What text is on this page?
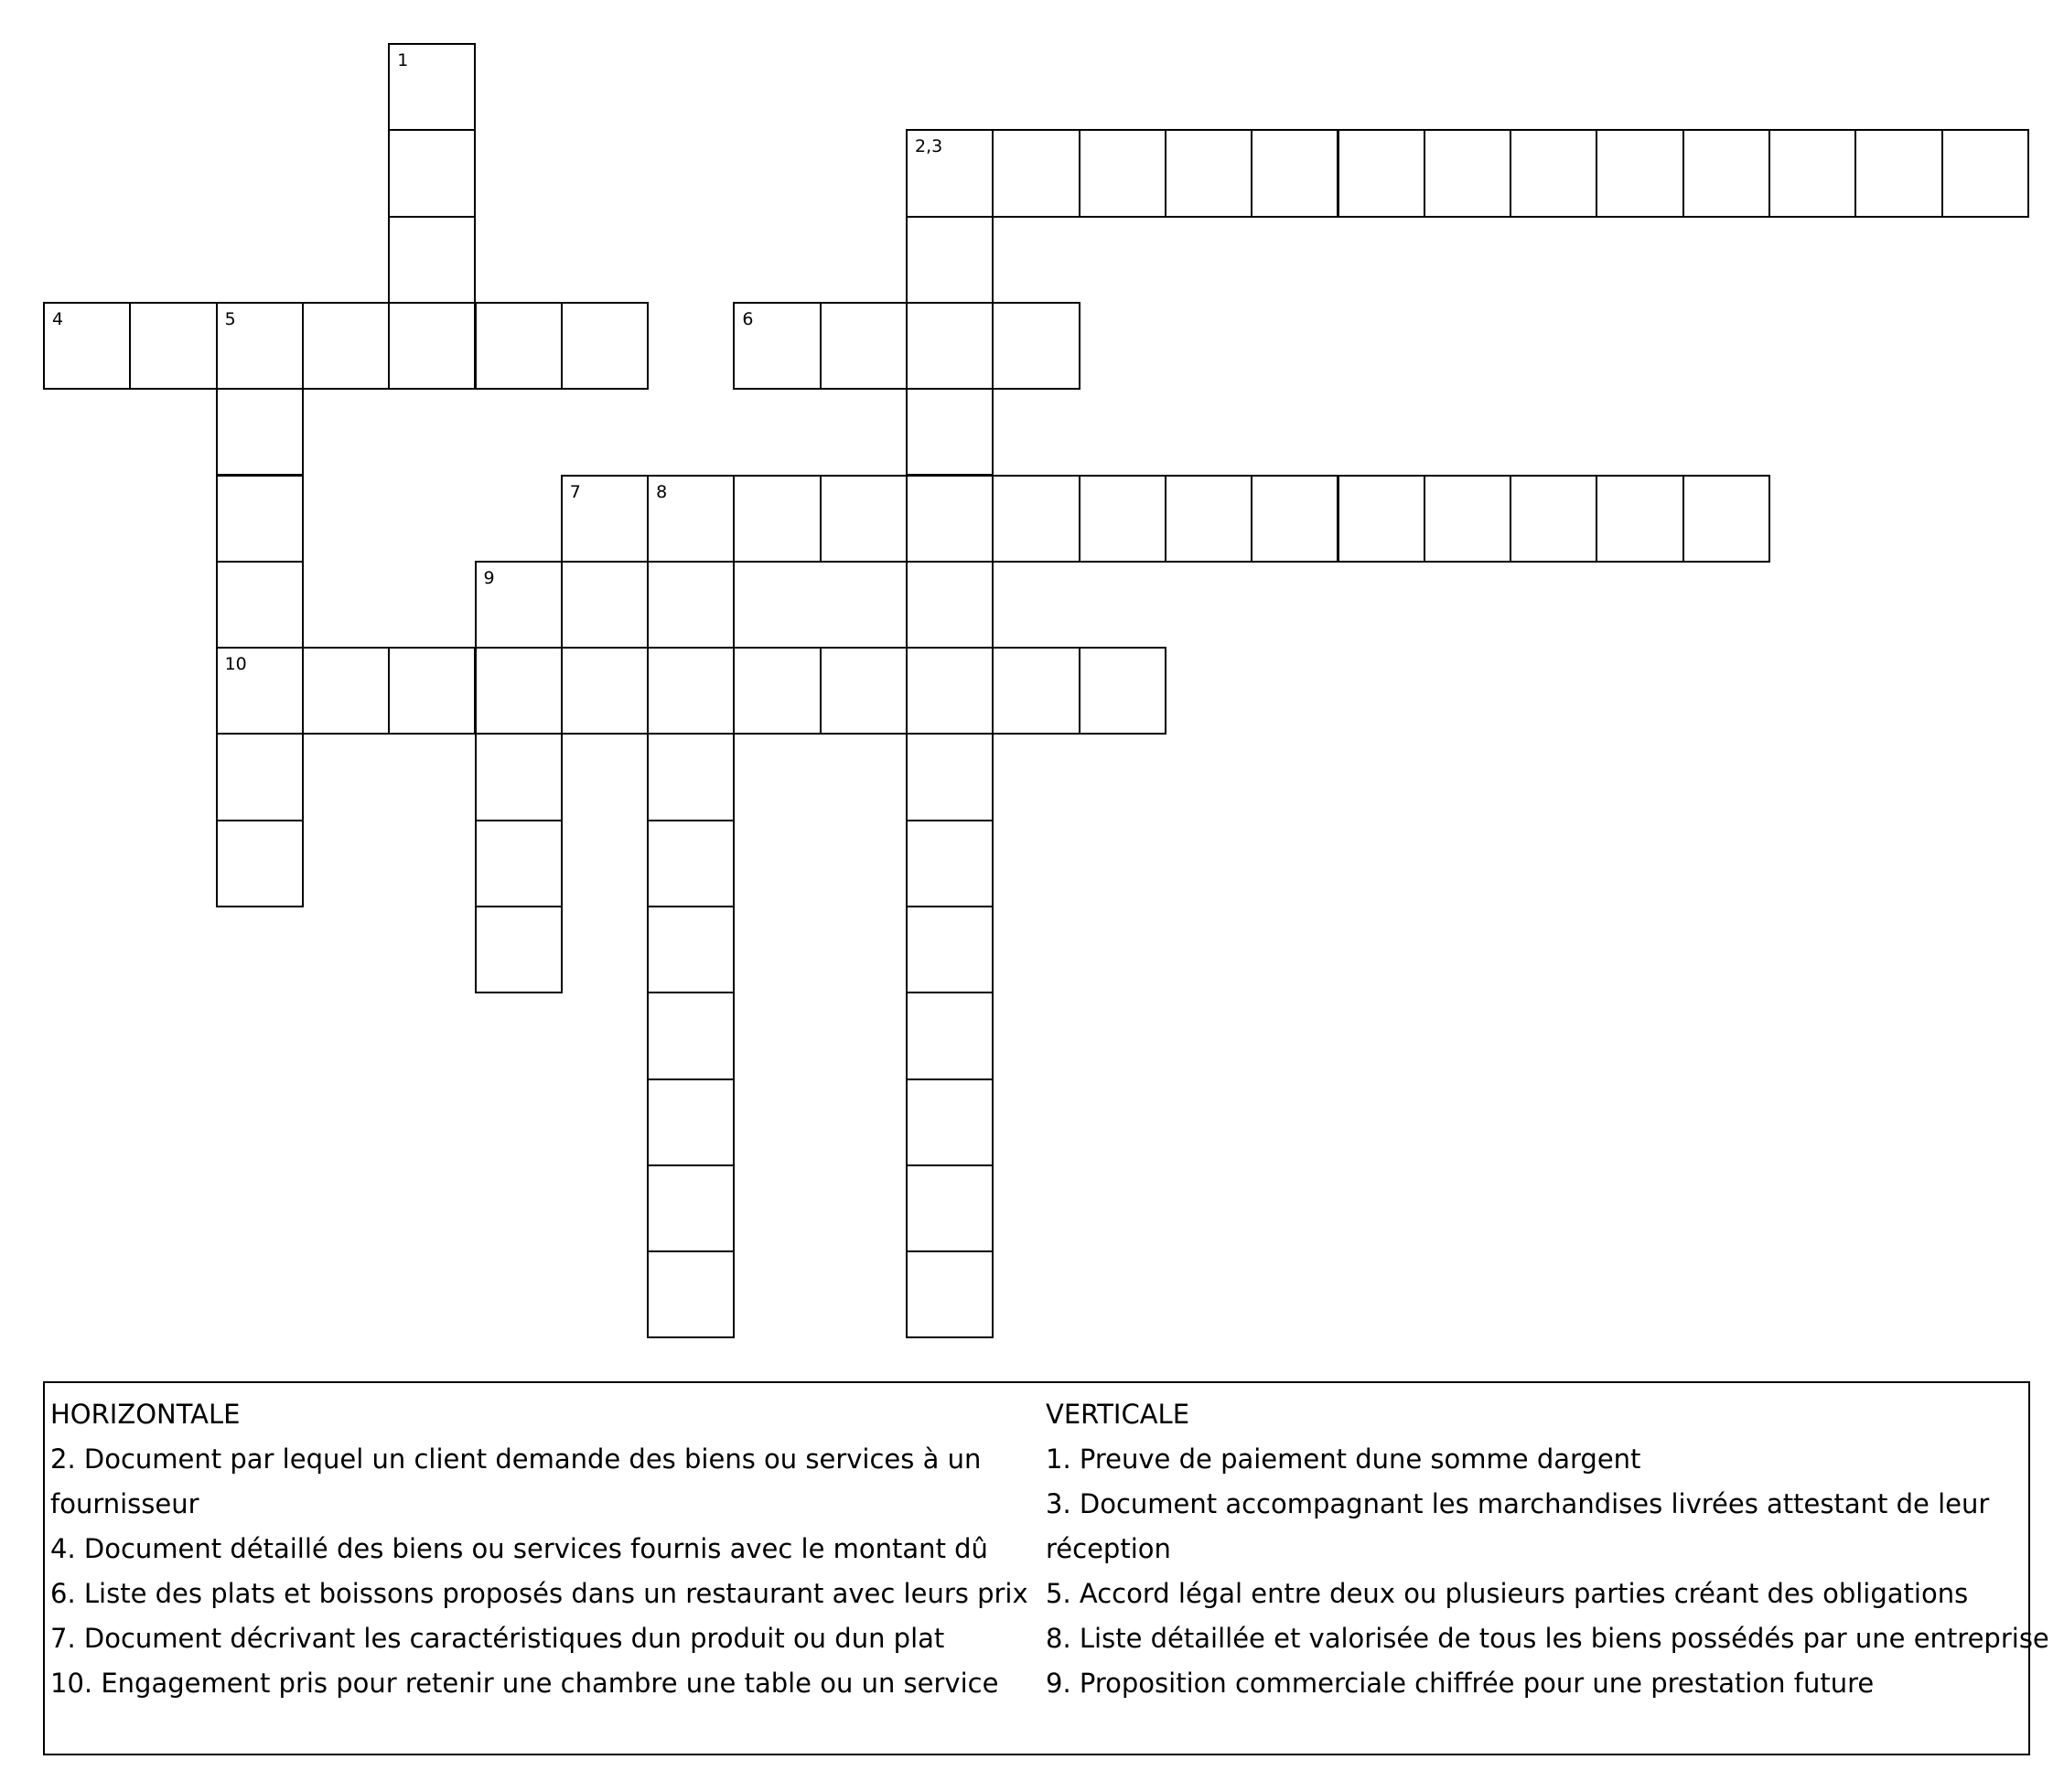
1
2,3
4	5
10
6
7	8
9
HORIZONTALE
2. Document par lequel un client demande des biens ou services à un
fournisseur
4. Document détaillé des biens ou services fournis avec le montant dû
6. Liste des plats et boissons proposés dans un restaurant avec leurs prix
7. Document décrivant les caractéristiques dun produit ou dun plat
10. Engagement pris pour retenir une chambre une table ou un service
VERTICALE
1. Preuve de paiement dune somme dargent
3. Document accompagnant les marchandises livrées attestant de leur
réception
5. Accord légal entre deux ou plusieurs parties créant des obligations
8. Liste détaillée et valorisée de tous les biens possédés par une entreprise
9. Proposition commerciale chiffrée pour une prestation future
